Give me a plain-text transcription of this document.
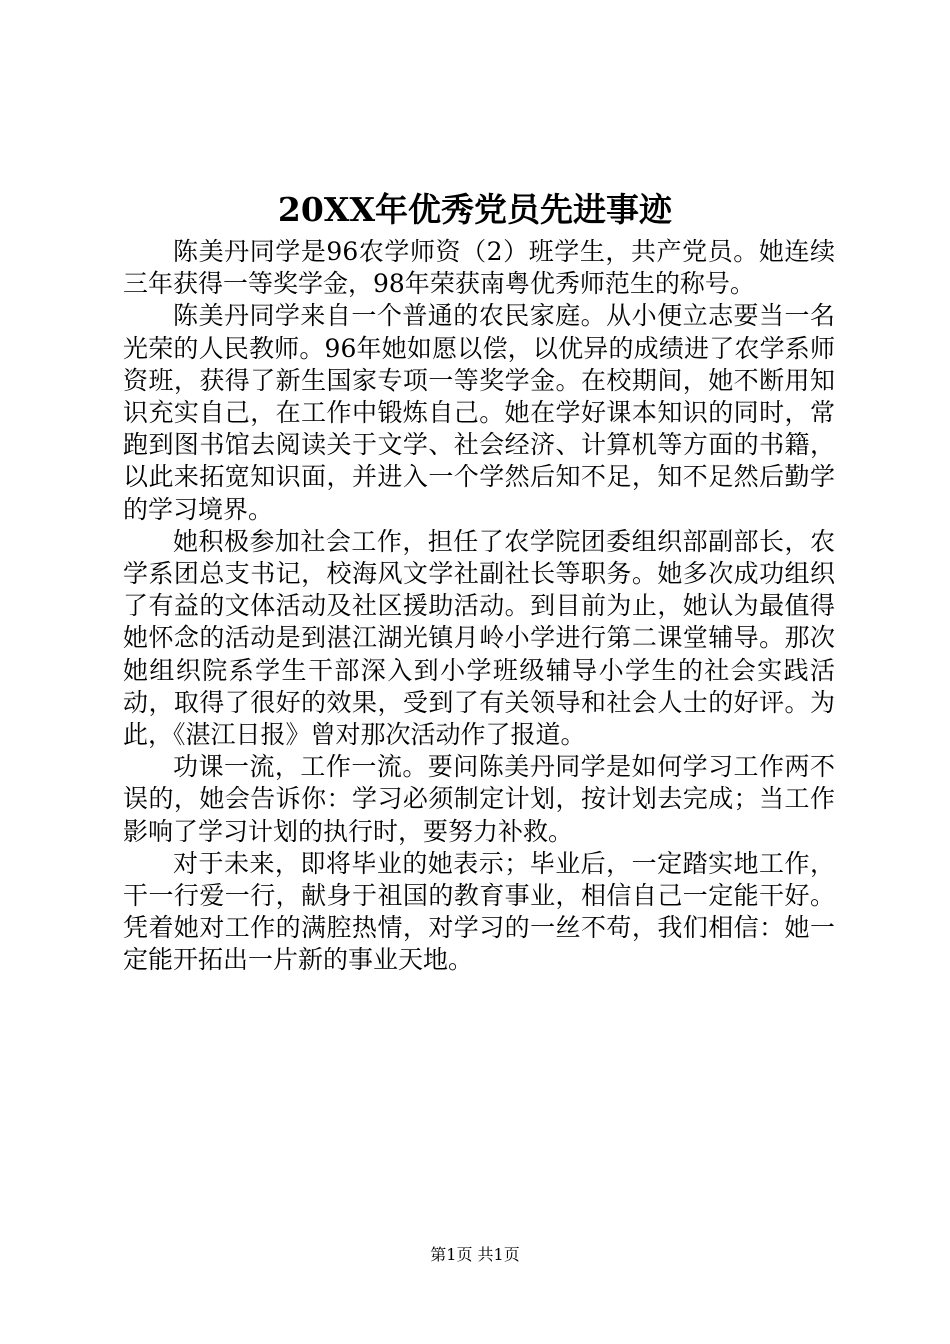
20XX年优秀党员先进事迹

陈美丹同学是96农学师资（2）班学生，共产党员。她连续三年获得一等奖学金，98年荣获南粤优秀师范生的称号。

陈美丹同学来自一个普通的农民家庭。从小便立志要当一名光荣的人民教师。96年她如愿以偿，以优异的成绩进了农学系师资班，获得了新生国家专项一等奖学金。在校期间，她不断用知识充实自己，在工作中锻炼自己。她在学好课本知识的同时，常跑到图书馆去阅读关于文学、社会经济、计算机等方面的书籍，以此来拓宽知识面，并进入一个学然后知不足，知不足然后勤学的学习境界。

她积极参加社会工作，担任了农学院团委组织部副部长，农学系团总支书记，校海风文学社副社长等职务。她多次成功组织了有益的文体活动及社区援助活动。到目前为止，她认为最值得她怀念的活动是到湛江湖光镇月岭小学进行第二课堂辅导。那次她组织院系学生干部深入到小学班级辅导小学生的社会实践活动，取得了很好的效果，受到了有关领导和社会人士的好评。为此，《湛江日报》曾对那次活动作了报道。

功课一流，工作一流。要问陈美丹同学是如何学习工作两不误的，她会告诉你：学习必须制定计划，按计划去完成；当工作影响了学习计划的执行时，要努力补救。

对于未来，即将毕业的她表示；毕业后，一定踏实地工作，干一行爱一行，献身于祖国的教育事业，相信自己一定能干好。凭着她对工作的满腔热情，对学习的一丝不苟，我们相信：她一定能开拓出一片新的事业天地。

第1页 共1页
